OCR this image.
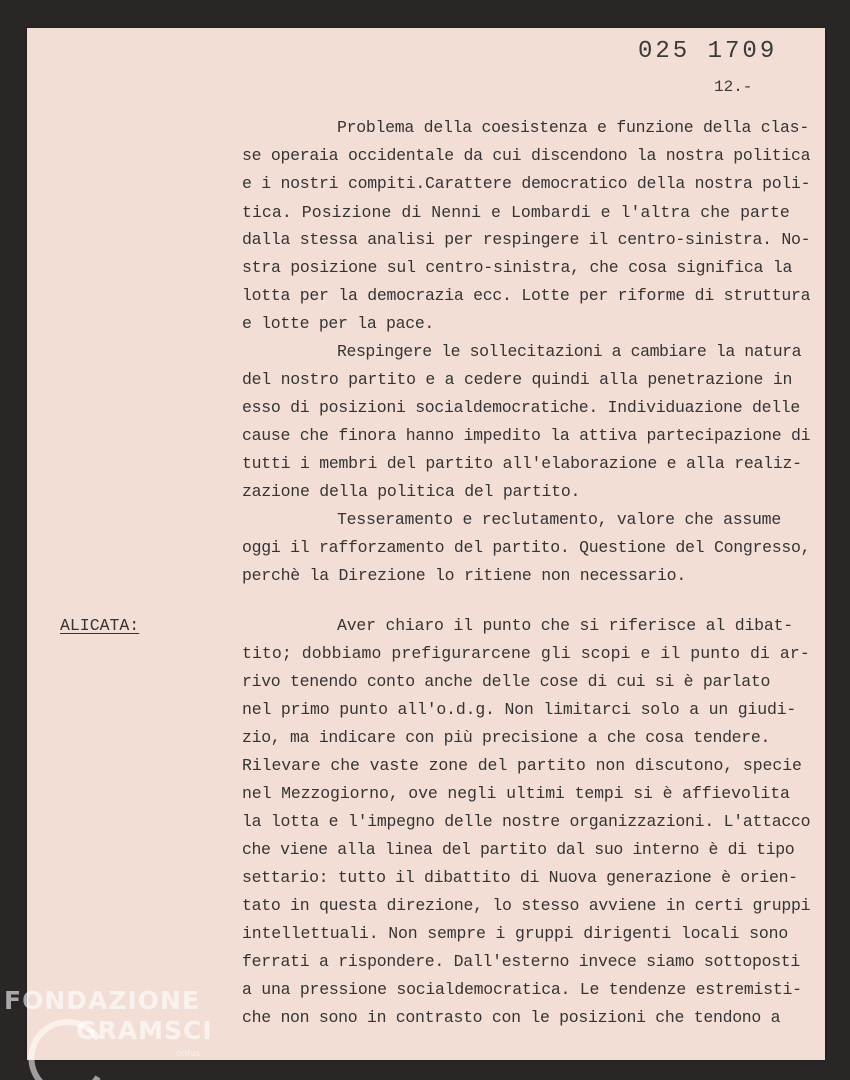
025 1709
12.-
ALICATA:
Problema della coesistenza e funzione della clas-
se operaia occidentale da cui discendono la nostra politica
e i nostri compiti.Carattere democratico della nostra poli-
tica. Posizione di Nenni e Lombardi e l'altra che parte
dalla stessa analisi per respingere il centro-sinistra. No-
stra posizione sul centro-sinistra, che cosa significa la
lotta per la democrazia ecc. Lotte per riforme di struttura
e lotte per la pace.
Respingere le sollecitazioni a cambiare la natura
del nostro partito e a cedere quindi alla penetrazione in
esso di posizioni socialdemocratiche. Individuazione delle
cause che finora hanno impedito la attiva partecipazione di
tutti i membri del partito all'elaborazione e alla realiz-
zazione della politica del partito.
Tesseramento e reclutamento, valore che assume
oggi il rafforzamento del partito. Questione del Congresso,
perchè la Direzione lo ritiene non necessario.
Aver chiaro il punto che si riferisce al dibat-
tito; dobbiamo prefigurarcene gli scopi e il punto di ar-
rivo tenendo conto anche delle cose di cui si è parlato
nel primo punto all'o.d.g. Non limitarci solo a un giudi-
zio, ma indicare con più precisione a che cosa tendere.
Rilevare che vaste zone del partito non discutono, specie
nel Mezzogiorno, ove negli ultimi tempi si è affievolita
la lotta e l'impegno delle nostre organizzazioni. L'attacco
che viene alla linea del partito dal suo interno è di tipo
settario: tutto il dibattito di Nuova generazione è orien-
tato in questa direzione, lo stesso avviene in certi gruppi
intellettuali. Non sempre i gruppi dirigenti locali sono
ferrati a rispondere. Dall'esterno invece siamo sottoposti
a una pressione socialdemocratica. Le tendenze estremisti-
che non sono in contrasto con le posizioni che tendono a
FONDAZIONE
GRAMSCI
onlus
